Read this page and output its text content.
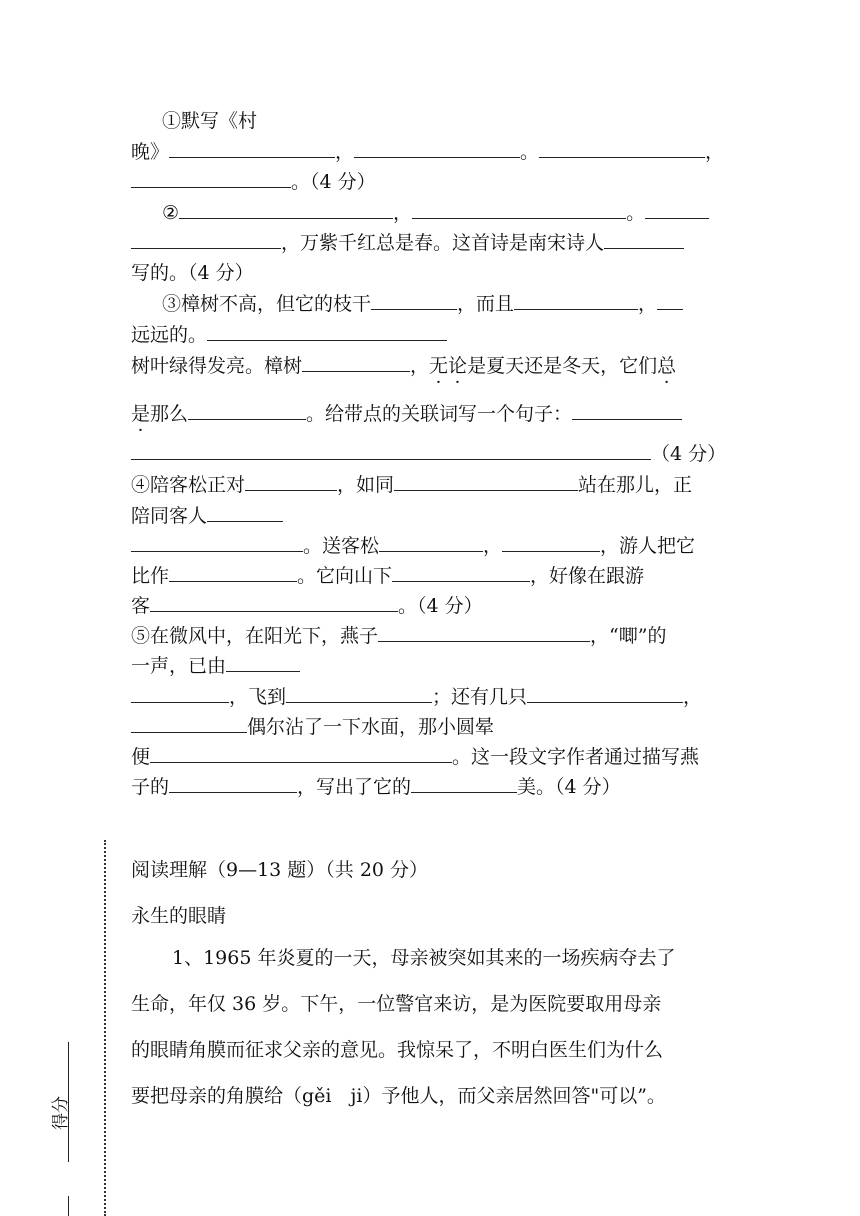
①默写《村
晚》	，	。	，
。（4 分）
②	，	。
，万紫千红总是春。这首诗是南宋诗人
写的。（4 分）
③樟树不高，但它的枝干	，而且	，
远远的。
树叶绿得发亮。樟树	，无论是夏天还是冬天，它们总
是那么	。给带点的关联词写一个句子：
（4 分）
④陪客松正对	，如同	站在那儿，正
陪同客人
。送客松	，	，游人把它
比作	。它向山下	，好像在跟游
客	。（4 分）
⑤在微风中，在阳光下，燕子	，“唧”的
一声，已由
，飞到	；还有几只	，
偶尔沾了一下水面，那小圆晕
便	。这一段文字作者通过描写燕
子的	，写出了它的	美。（4 分）
阅读理解（9—13 题）（共 20 分）
永生的眼睛
1、1965 年炎夏的一天，母亲被突如其来的一场疾病夺去了
生命，年仅 36 岁。下午，一位警官来访，是为医院要取用母亲
的眼睛角膜而征求父亲的意见。我惊呆了，不明白医生们为什么
要把母亲的角膜给（gěi　ji）予他人，而父亲居然回答"可以”。
得分
